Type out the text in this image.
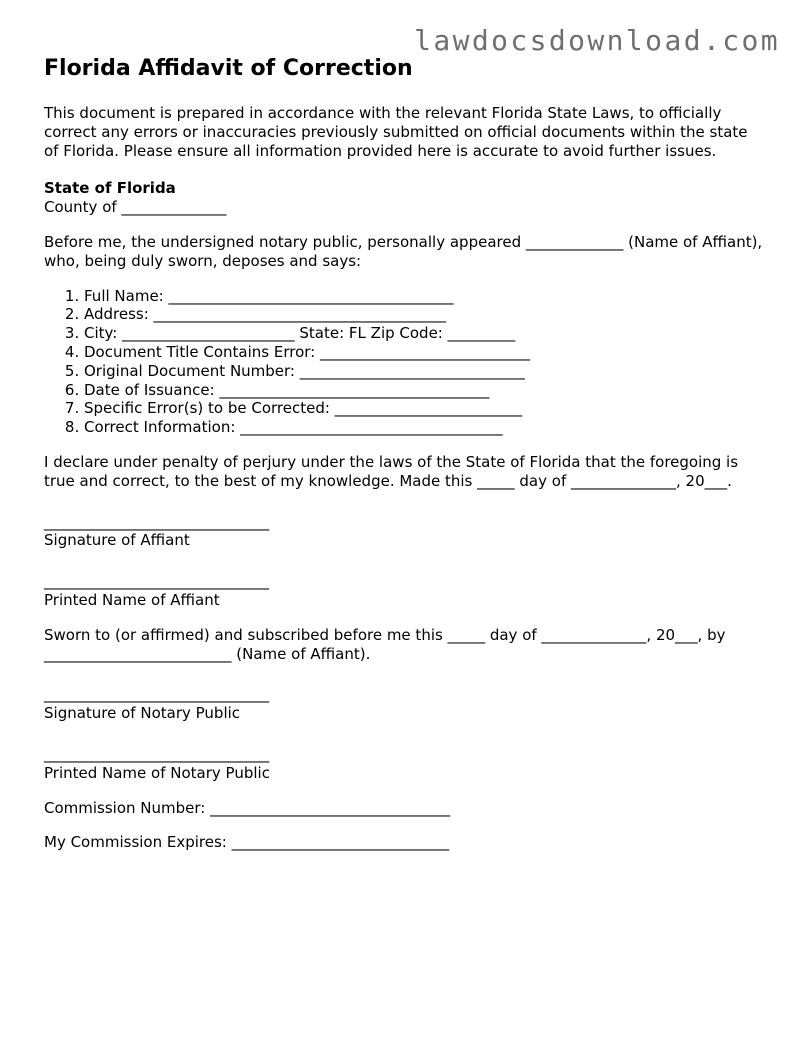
lawdocsdownload.com
Florida Affidavit of Correction

This document is prepared in accordance with the relevant Florida State Laws, to officially correct any errors or inaccuracies previously submitted on official documents within the state of Florida. Please ensure all information provided here is accurate to avoid further issues.

State of Florida

County of ______________

Before me, the undersigned notary public, personally appeared _____________ (Name of Affiant), who, being duly sworn, deposes and says:

1. Full Name: ______________________________________
2. Address: _______________________________________
3. City: _______________________ State: FL Zip Code: _________
4. Document Title Contains Error: ____________________________
5. Original Document Number: ______________________________
6. Date of Issuance: ____________________________________
7. Specific Error(s) to be Corrected: _________________________
8. Correct Information: ___________________________________

I declare under penalty of perjury under the laws of the State of Florida that the foregoing is true and correct, to the best of my knowledge. Made this _____ day of ______________, 20___.

______________________________

Signature of Affiant

______________________________

Printed Name of Affiant

Sworn to (or affirmed) and subscribed before me this _____ day of ______________, 20___, by _________________________ (Name of Affiant).

______________________________

Signature of Notary Public

______________________________

Printed Name of Notary Public

Commission Number: ________________________________

My Commission Expires: _____________________________
